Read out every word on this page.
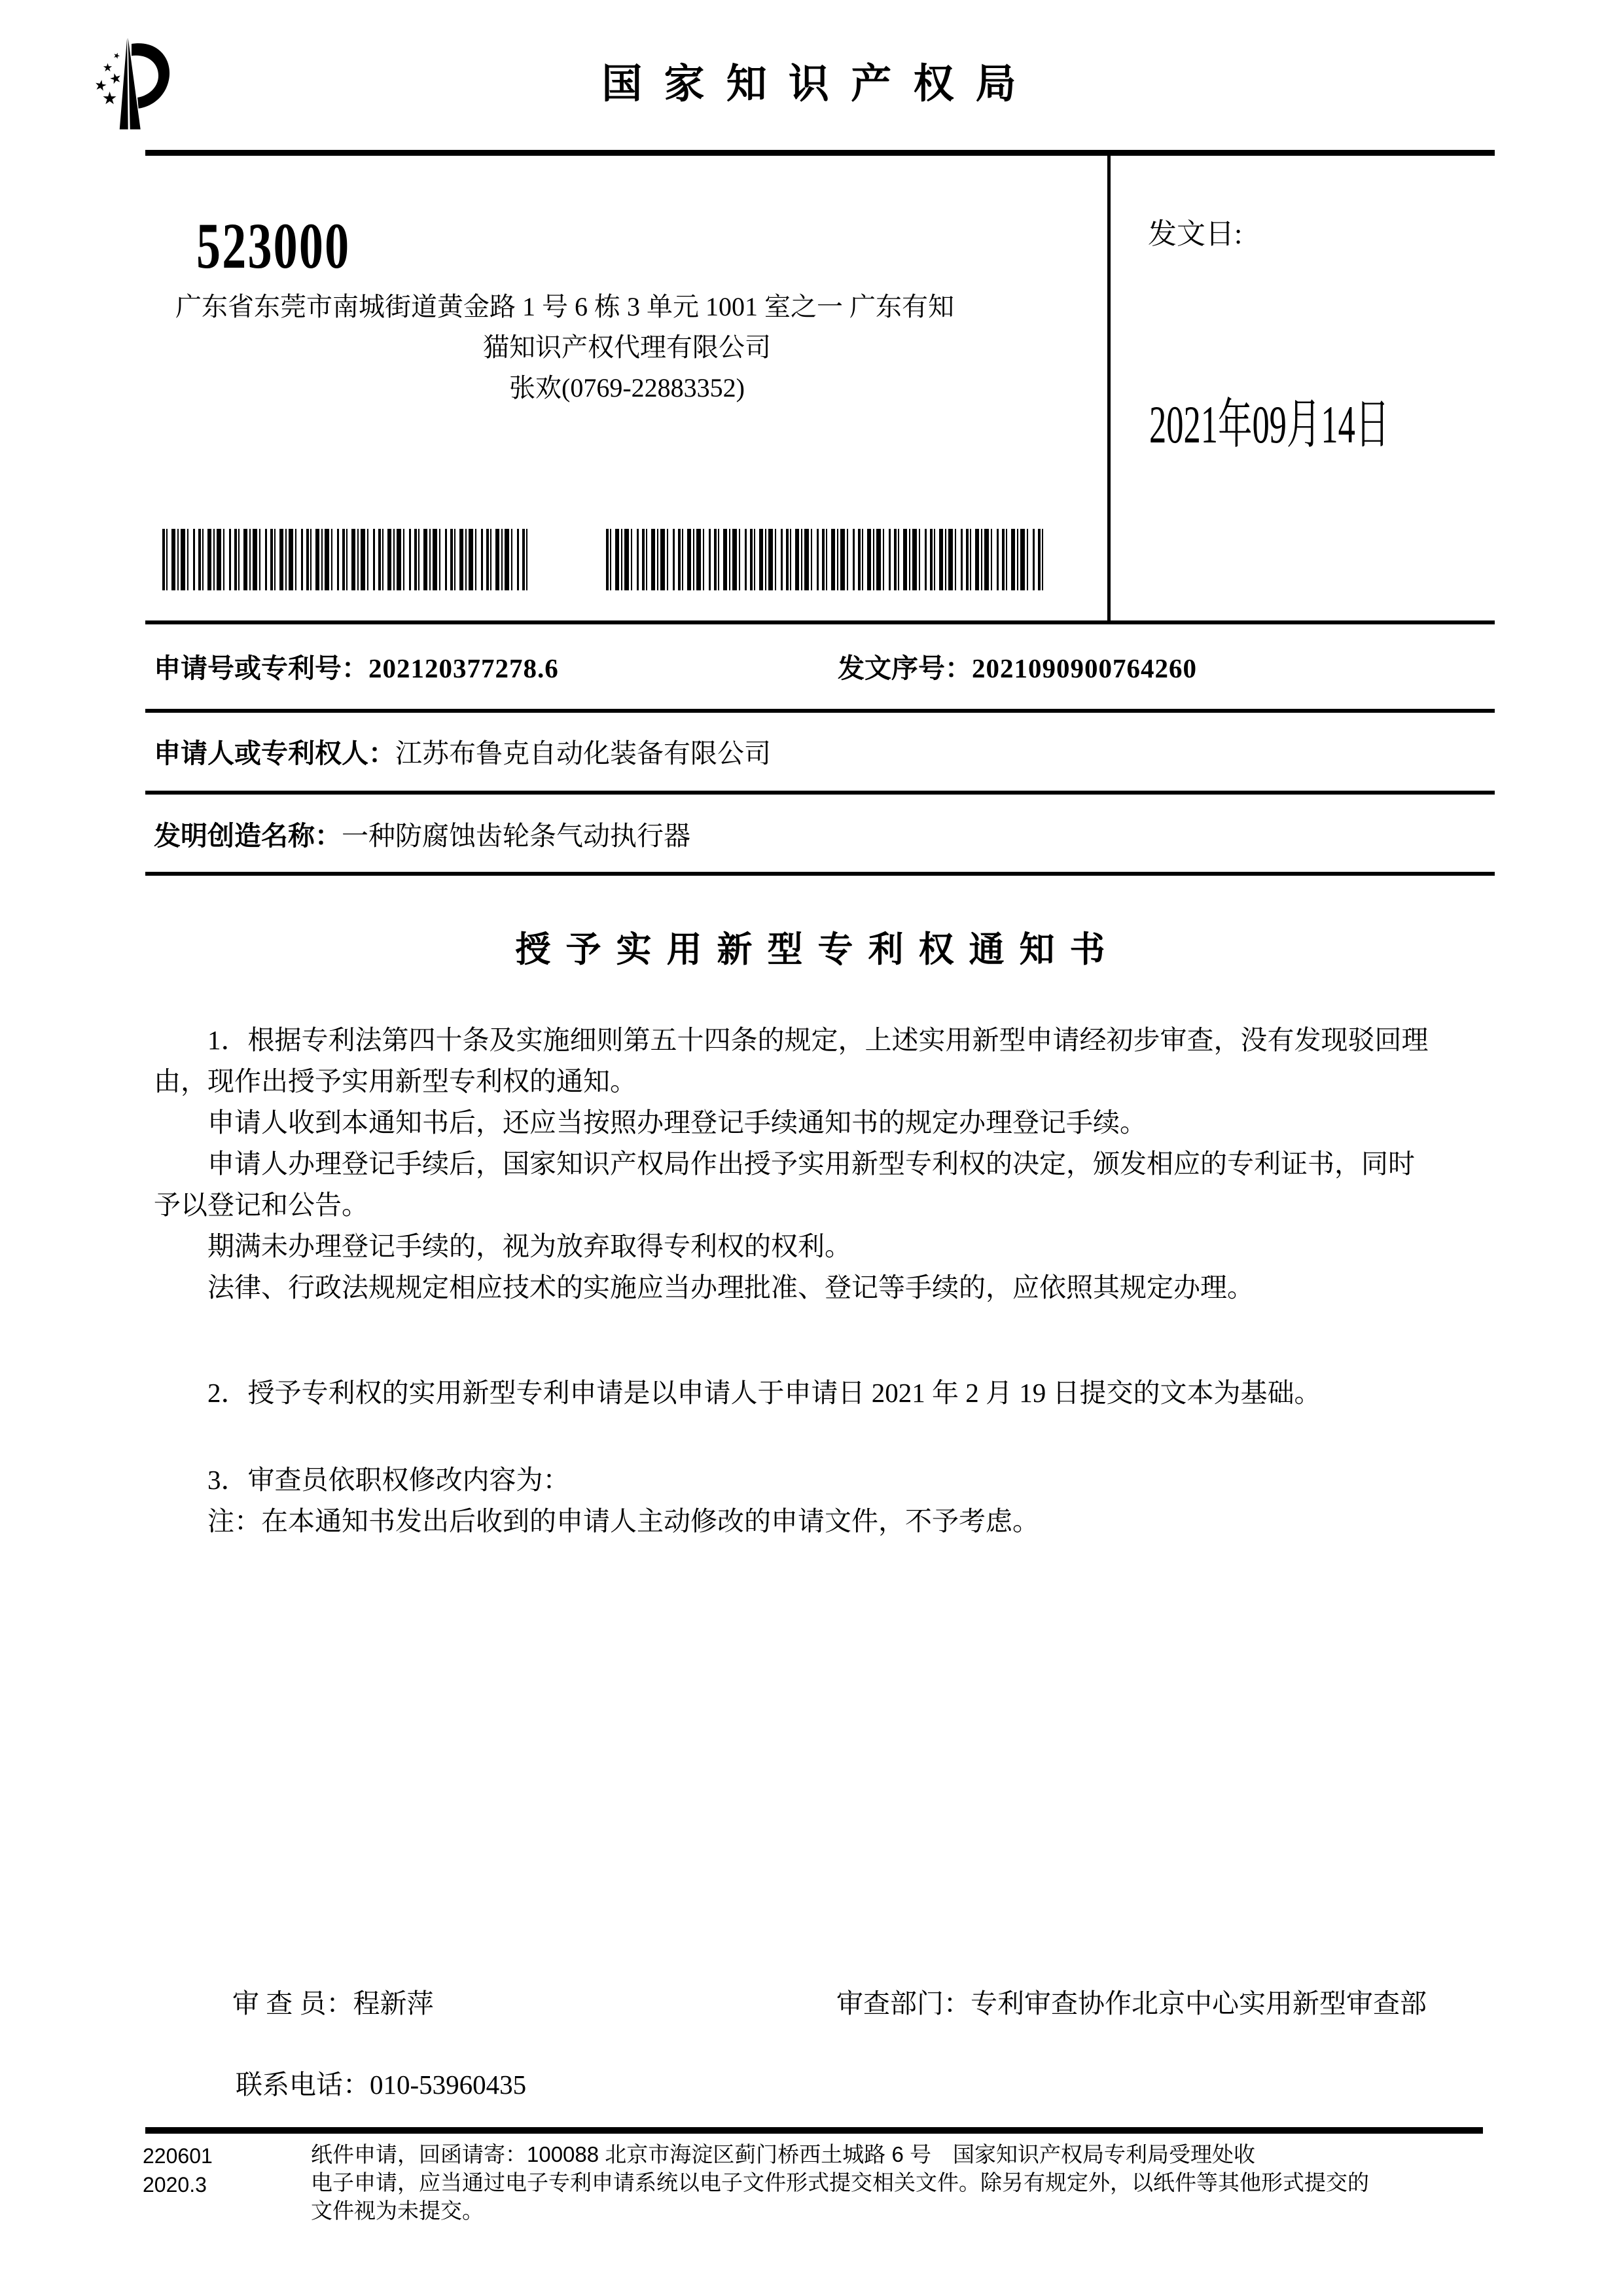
国 家 知 识 产 权 局
523000
广东省东莞市南城街道黄金路 1 号 6 栋 3 单元 1001 室之一 广东有知
猫知识产权代理有限公司
张欢(0769-22883352)
发文日:
2021年09月14日
申请号或专利号：202120377278.6	发文序号：2021090900764260
申请人或专利权人：江苏布鲁克自动化装备有限公司
发明创造名称：一种防腐蚀齿轮条气动执行器
授 予 实 用 新 型 专 利 权 通 知 书
1．根据专利法第四十条及实施细则第五十四条的规定，上述实用新型申请经初步审查，没有发现驳回理
由，现作出授予实用新型专利权的通知。
申请人收到本通知书后，还应当按照办理登记手续通知书的规定办理登记手续。
申请人办理登记手续后，国家知识产权局作出授予实用新型专利权的决定，颁发相应的专利证书，同时
予以登记和公告。
期满未办理登记手续的，视为放弃取得专利权的权利。
法律、行政法规规定相应技术的实施应当办理批准、登记等手续的，应依照其规定办理。
2．授予专利权的实用新型专利申请是以申请人于申请日 2021 年 2 月 19 日提交的文本为基础。
3．审查员依职权修改内容为：
注：在本通知书发出后收到的申请人主动修改的申请文件，不予考虑。
审 查 员：程新萍	审查部门：专利审查协作北京中心实用新型审查部
联系电话：010-53960435
220601
2020.3
纸件申请，回函请寄：100088 北京市海淀区蓟门桥西土城路 6 号　国家知识产权局专利局受理处收
电子申请，应当通过电子专利申请系统以电子文件形式提交相关文件。除另有规定外，以纸件等其他形式提交的
文件视为未提交。
